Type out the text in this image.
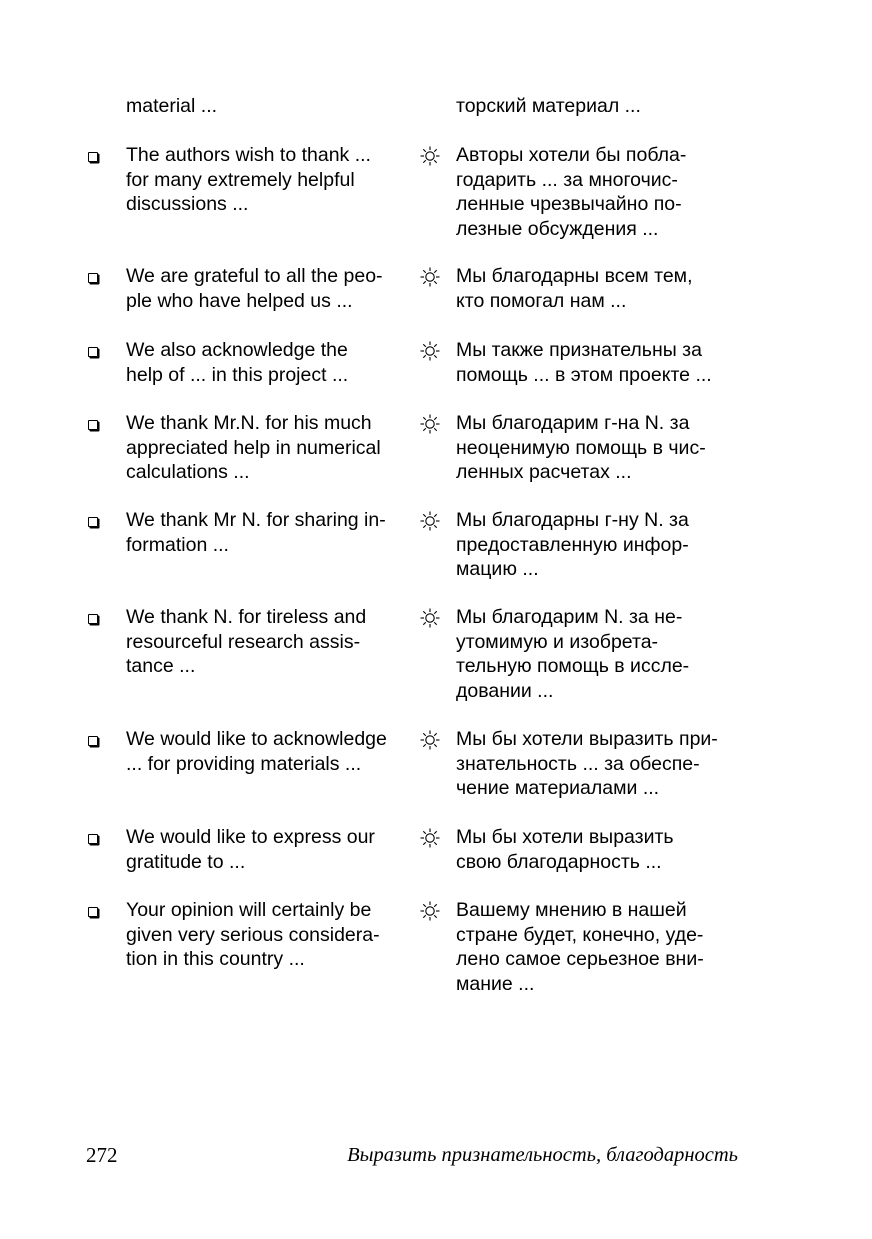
material ...	торский материал ...
The authors wish to thank ...
for many extremely helpful
discussions ...
Авторы хотели бы побла-
годарить ... за многочис-
ленные чрезвычайно по-
лезные обсуждения ...
We are grateful to all the peo-
ple who have helped us ...
Мы благодарны всем тем,
кто помогал нам ...
We also acknowledge the
help of ... in this project ...
Мы также признательны за
помощь ... в этом проекте ...
We thank Mr.N. for his much
appreciated help in numerical
calculations ...
Мы благодарим г-на N. за
неоценимую помощь в чис-
ленных расчетах ...
We thank Mr N. for sharing in-
formation ...
Мы благодарны г-ну N. за
предоставленную инфор-
мацию ...
We thank N. for tireless and
resourceful research assis-
tance ...
Мы благодарим N. за не-
утомимую и изобрета-
тельную помощь в иссле-
довании ...
We would like to acknowledge
... for providing materials ...
Мы бы хотели выразить при-
знательность ... за обеспе-
чение материалами ...
We would like to express our
gratitude to ...
Мы бы хотели выразить
свою благодарность ...
Your opinion will certainly be
given very serious considera-
tion in this country ...
Вашему мнению в нашей
стране будет, конечно, уде-
лено самое серьезное вни-
мание ...
272	Выразить признательность, благодарность
